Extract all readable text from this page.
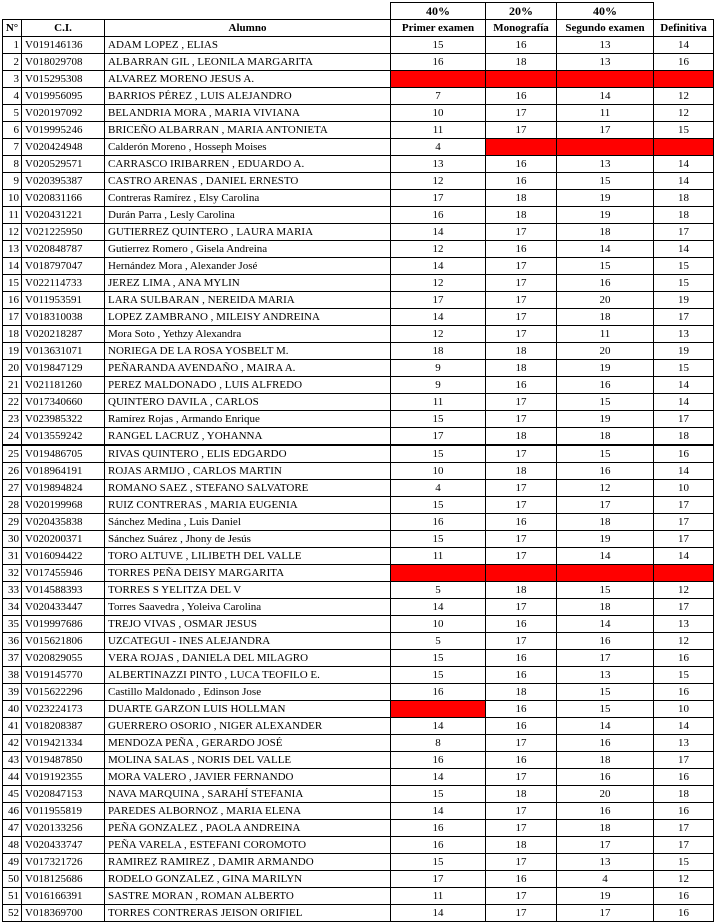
			40%	20%	40%	
N°	C.I.	Alumno	Primer examen	Monografía	Segundo examen	Definitiva
1	V019146136	ADAM LOPEZ , ELIAS	15	16	13	14
2	V018029708	ALBARRAN GIL , LEONILA MARGARITA	16	18	13	16
3	V015295308	ALVAREZ MORENO JESUS A.				
4	V019956095	BARRIOS PÉREZ , LUIS ALEJANDRO	7	16	14	12
5	V020197092	BELANDRIA MORA , MARIA VIVIANA	10	17	11	12
6	V019995246	BRICEÑO ALBARRAN , MARIA ANTONIETA	11	17	17	15
7	V020424948	Calderón Moreno , Hosseph Moises	4			
8	V020529571	CARRASCO IRIBARREN , EDUARDO A.	13	16	13	14
9	V020395387	CASTRO ARENAS , DANIEL ERNESTO	12	16	15	14
10	V020831166	Contreras Ramírez , Elsy Carolina	17	18	19	18
11	V020431221	Durán Parra , Lesly Carolina	16	18	19	18
12	V021225950	GUTIERREZ QUINTERO , LAURA MARIA	14	17	18	17
13	V020848787	Gutierrez Romero , Gisela Andreina	12	16	14	14
14	V018797047	Hernández Mora , Alexander José	14	17	15	15
15	V022114733	JEREZ LIMA , ANA MYLIN	12	17	16	15
16	V011953591	LARA SULBARAN , NEREIDA MARIA	17	17	20	19
17	V018310038	LOPEZ ZAMBRANO , MILEISY ANDREINA	14	17	18	17
18	V020218287	Mora Soto , Yethzy Alexandra	12	17	11	13
19	V013631071	NORIEGA DE LA ROSA YOSBELT M.	18	18	20	19
20	V019847129	PEÑARANDA AVENDAÑO , MAIRA A.	9	18	19	15
21	V021181260	PEREZ MALDONADO , LUIS ALFREDO	9	16	16	14
22	V017340660	QUINTERO DAVILA , CARLOS	11	17	15	14
23	V023985322	Ramírez Rojas , Armando Enrique	15	17	19	17
24	V013559242	RANGEL LACRUZ , YOHANNA	17	18	18	18
25	V019486705	RIVAS QUINTERO , ELIS EDGARDO	15	17	15	16
26	V018964191	ROJAS ARMIJO , CARLOS MARTIN	10	18	16	14
27	V019894824	ROMANO SAEZ , STEFANO SALVATORE	4	17	12	10
28	V020199968	RUIZ CONTRERAS , MARIA EUGENIA	15	17	17	17
29	V020435838	Sánchez Medina , Luis Daniel	16	16	18	17
30	V020200371	Sánchez Suárez , Jhony de Jesús	15	17	19	17
31	V016094422	TORO ALTUVE , LILIBETH DEL VALLE	11	17	14	14
32	V017455946	TORRES PEÑA DEISY MARGARITA				
33	V014588393	TORRES S YELITZA DEL V	5	18	15	12
34	V020433447	Torres Saavedra , Yoleiva Carolina	14	17	18	17
35	V019997686	TREJO VIVAS , OSMAR JESUS	10	16	14	13
36	V015621806	UZCATEGUI - INES ALEJANDRA	5	17	16	12
37	V020829055	VERA ROJAS , DANIELA DEL MILAGRO	15	16	17	16
38	V019145770	ALBERTINAZZI PINTO , LUCA TEOFILO E.	15	16	13	15
39	V015622296	Castillo Maldonado , Edinson Jose	16	18	15	16
40	V023224173	DUARTE GARZON LUIS HOLLMAN		16	15	10
41	V018208387	GUERRERO OSORIO , NIGER ALEXANDER	14	16	14	14
42	V019421334	MENDOZA PEÑA , GERARDO JOSÉ	8	17	16	13
43	V019487850	MOLINA SALAS , NORIS DEL VALLE	16	16	18	17
44	V019192355	MORA VALERO , JAVIER FERNANDO	14	17	16	16
45	V020847153	NAVA MARQUINA , SARAHÍ STEFANIA	15	18	20	18
46	V011955819	PAREDES ALBORNOZ , MARIA ELENA	14	17	16	16
47	V020133256	PEÑA GONZALEZ , PAOLA ANDREINA	16	17	18	17
48	V020433747	PEÑA VARELA , ESTEFANI COROMOTO	16	18	17	17
49	V017321726	RAMIREZ RAMIREZ , DAMIR ARMANDO	15	17	13	15
50	V018125686	RODELO GONZALEZ , GINA MARILYN	17	16	4	12
51	V016166391	SASTRE MORAN , ROMAN ALBERTO	11	17	19	16
52	V018369700	TORRES CONTRERAS JEISON ORIFIEL	14	17	17	16
